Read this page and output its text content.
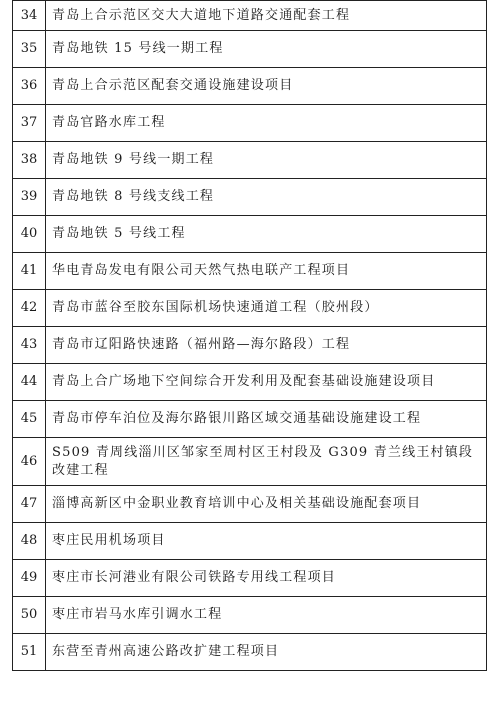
34	青岛上合示范区交大大道地下道路交通配套工程
35	青岛地铁 15 号线一期工程
36	青岛上合示范区配套交通设施建设项目
37	青岛官路水库工程
38	青岛地铁 9 号线一期工程
39	青岛地铁 8 号线支线工程
40	青岛地铁 5 号线工程
41	华电青岛发电有限公司天然气热电联产工程项目
42	青岛市蓝谷至胶东国际机场快速通道工程（胶州段）
43	青岛市辽阳路快速路（福州路—海尔路段）工程
44	青岛上合广场地下空间综合开发利用及配套基础设施建设项目
45	青岛市停车泊位及海尔路银川路区域交通基础设施建设工程
46	S509 青周线淄川区邹家至周村区王村段及 G309 青兰线王村镇段改建工程
47	淄博高新区中金职业教育培训中心及相关基础设施配套项目
48	枣庄民用机场项目
49	枣庄市长河港业有限公司铁路专用线工程项目
50	枣庄市岩马水库引调水工程
51	东营至青州高速公路改扩建工程项目
